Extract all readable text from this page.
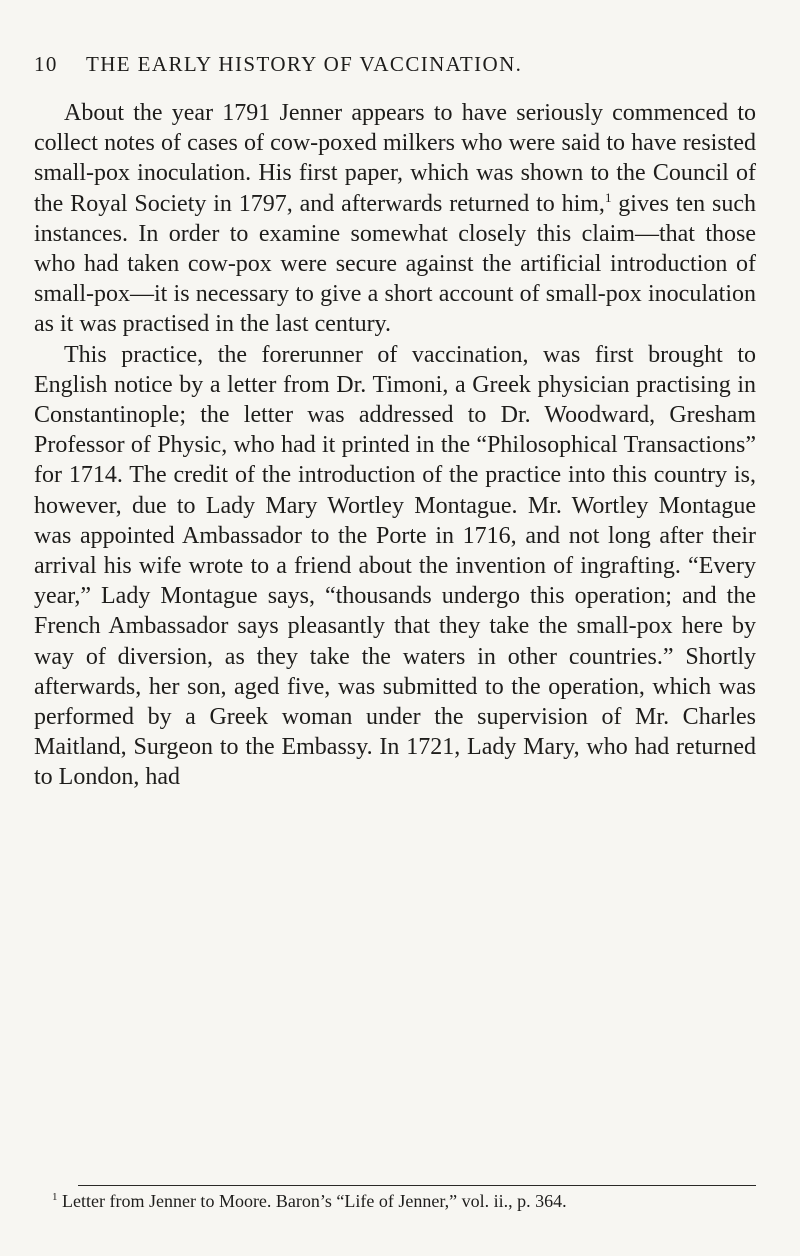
10 THE EARLY HISTORY OF VACCINATION.

About the year 1791 Jenner appears to have seriously commenced to collect notes of cases of cow-poxed milkers who were said to have resisted small-pox inoculation. His first paper, which was shown to the Council of the Royal Society in 1797, and afterwards returned to him,$^1$ gives ten such instances. In order to examine somewhat closely this claim—that those who had taken cow-pox were secure against the artificial introduction of small-pox—it is necessary to give a short account of small-pox inoculation as it was practised in the last century.

This practice, the forerunner of vaccination, was first brought to English notice by a letter from Dr. Timoni, a Greek physician practising in Constantinople; the letter was addressed to Dr. Woodward, Gresham Professor of Physic, who had it printed in the “Philosophical Transactions” for 1714. The credit of the introduction of the practice into this country is, however, due to Lady Mary Wortley Montague. Mr. Wortley Montague was appointed Ambassador to the Porte in 1716, and not long after their arrival his wife wrote to a friend about the invention of ingrafting. “Every year,” Lady Montague says, “thousands undergo this operation; and the French Ambassador says pleasantly that they take the small-pox here by way of diversion, as they take the waters in other countries.” Shortly afterwards, her son, aged five, was submitted to the operation, which was performed by a Greek woman under the supervision of Mr. Charles Maitland, Surgeon to the Embassy. In 1721, Lady Mary, who had returned to London, had

$^1$ Letter from Jenner to Moore. Baron’s “Life of Jenner,” vol. ii., p. 364.
